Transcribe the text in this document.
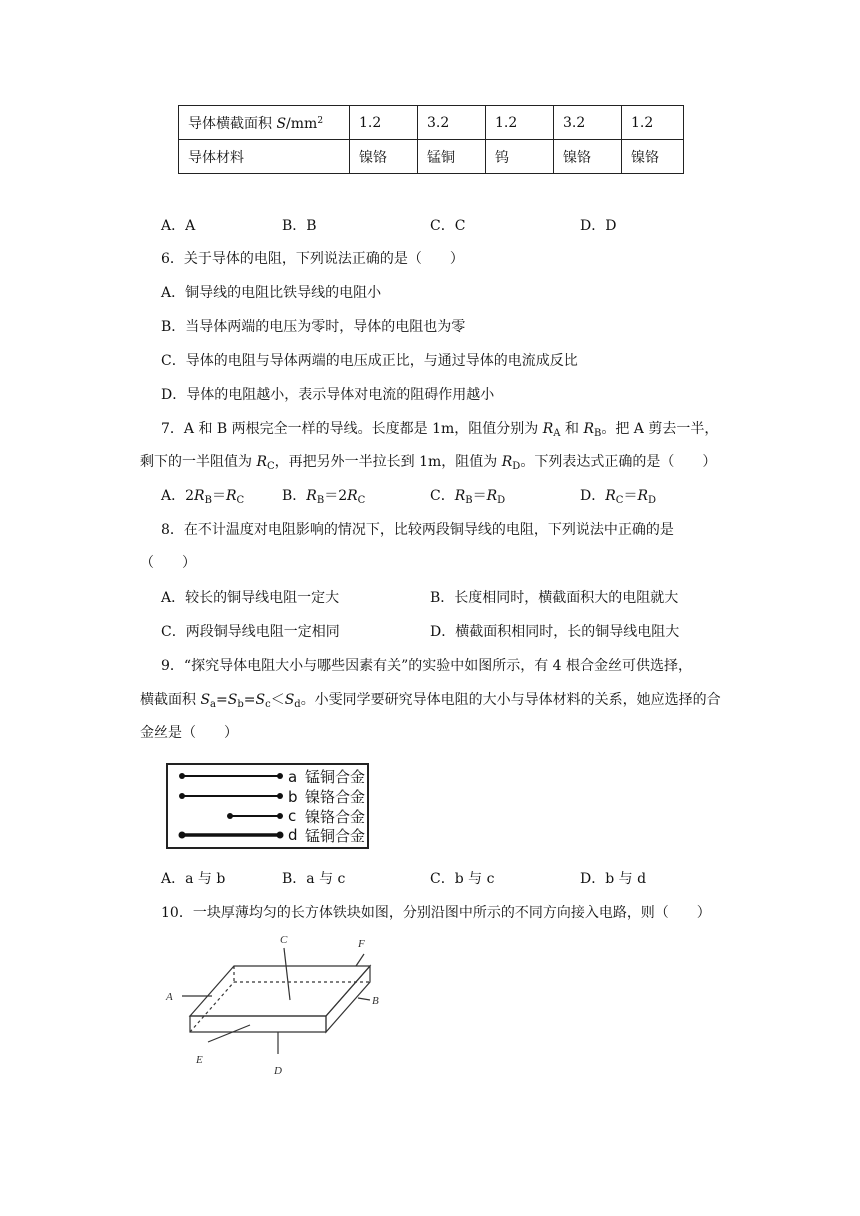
导体横截面积 $S/mm^2$	1.2	3.2	1.2	3.2	1.2
导体材料	镍铬	锰铜	钨	镍铬	镍铬
A．A	B．B	C．C	D．D
6．关于导体的电阻，下列说法正确的是（　　）
A．铜导线的电阻比铁导线的电阻小
B．当导体两端的电压为零时，导体的电阻也为零
C．导体的电阻与导体两端的电压成正比，与通过导体的电流成反比
D．导体的电阻越小，表示导体对电流的阻碍作用越小
7．A 和 B 两根完全一样的导线。长度都是 1m，阻值分别为 $R_A$ 和 $R_B$。把 A 剪去一半，
剩下的一半阻值为 $R_C$，再把另外一半拉长到 1m，阻值为 $R_D$。下列表达式正确的是（　　）
A．$2R_B=R_C$	B．$R_B=2R_C$	C．$R_B=R_D$	D．$R_C=R_D$
8．在不计温度对电阻影响的情况下，比较两段铜导线的电阻，下列说法中正确的是
（　　）
A．较长的铜导线电阻一定大	B．长度相同时，横截面积大的电阻就大
C．两段铜导线电阻一定相同	D．横截面积相同时，长的铜导线电阻大
9．“探究导体电阻大小与哪些因素有关”的实验中如图所示，有 4 根合金丝可供选择，
横截面积 $S_a=S_b=S_c<S_d$。小雯同学要研究导体电阻的大小与导体材料的关系，她应选择的合
金丝是（　　）
a 锰铜合金
b 镍铬合金
c 镍铬合金
d 锰铜合金
A．a 与 b	B．a 与 c	C．b 与 c	D．b 与 d
10．一块厚薄均匀的长方体铁块如图，分别沿图中所示的不同方向接入电路，则（　　）
C	F
A	B
E
D
